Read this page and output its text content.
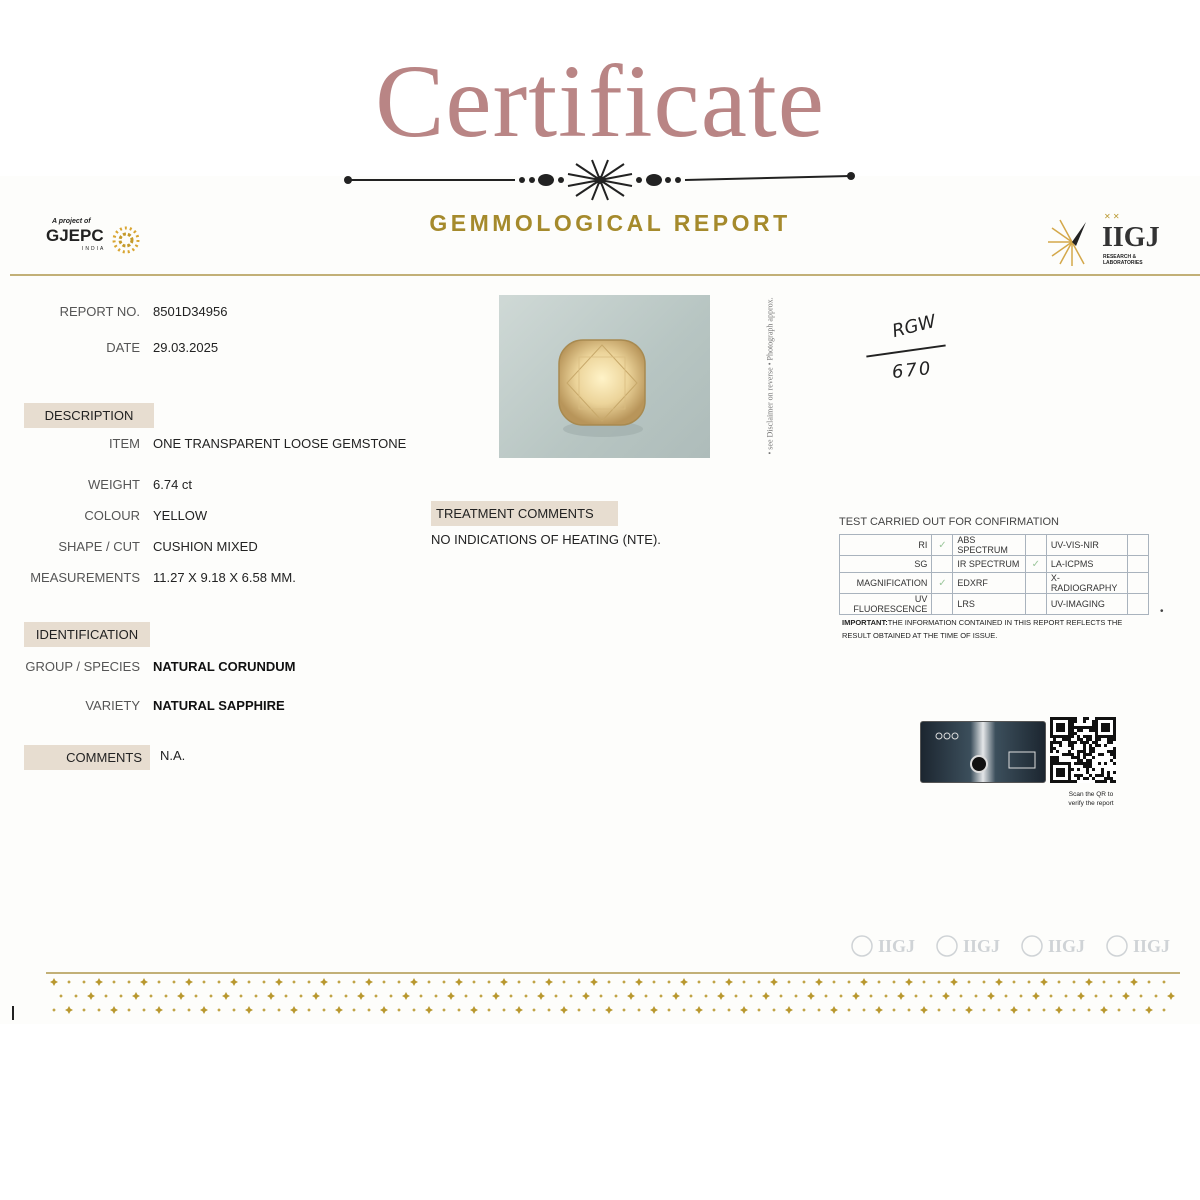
Certificate
A project of
GJEPC
INDIA
GEMMOLOGICAL REPORT	IIGJ
RESEARCH & LABORATORIES
✕ ✕
REPORT NO. 8501D34956
DATE 29.03.2025
DESCRIPTION
ITEM ONE TRANSPARENT LOOSE GEMSTONE
WEIGHT 6.74 ct
COLOUR YELLOW
SHAPE / CUT CUSHION MIXED
MEASUREMENTS 11.27 X 9.18 X 6.58 MM.
IDENTIFICATION
GROUP / SPECIES NATURAL CORUNDUM
VARIETY NATURAL SAPPHIRE
COMMENTS	N.A.
• see Disclaimer on reverse • Photograph approx.	RGW
670
TREATMENT COMMENTS
NO INDICATIONS OF HEATING (NTE).
TEST CARRIED OUT FOR CONFIRMATION
RI	✓	ABS SPECTRUM		UV-VIS-NIR	
SG		IR SPECTRUM	✓	LA-ICPMS	
MAGNIFICATION	✓	EDXRF		X-RADIOGRAPHY	
UV FLUORESCENCE		LRS		UV-IMAGING	
•
IMPORTANT:THE INFORMATION CONTAINED IN THIS REPORT REFLECTS THE
RESULT OBTAINED AT THE TIME OF ISSUE.
Scan the QR to
verify the report
IIGJ	IIGJ	IIGJ	IIGJ
